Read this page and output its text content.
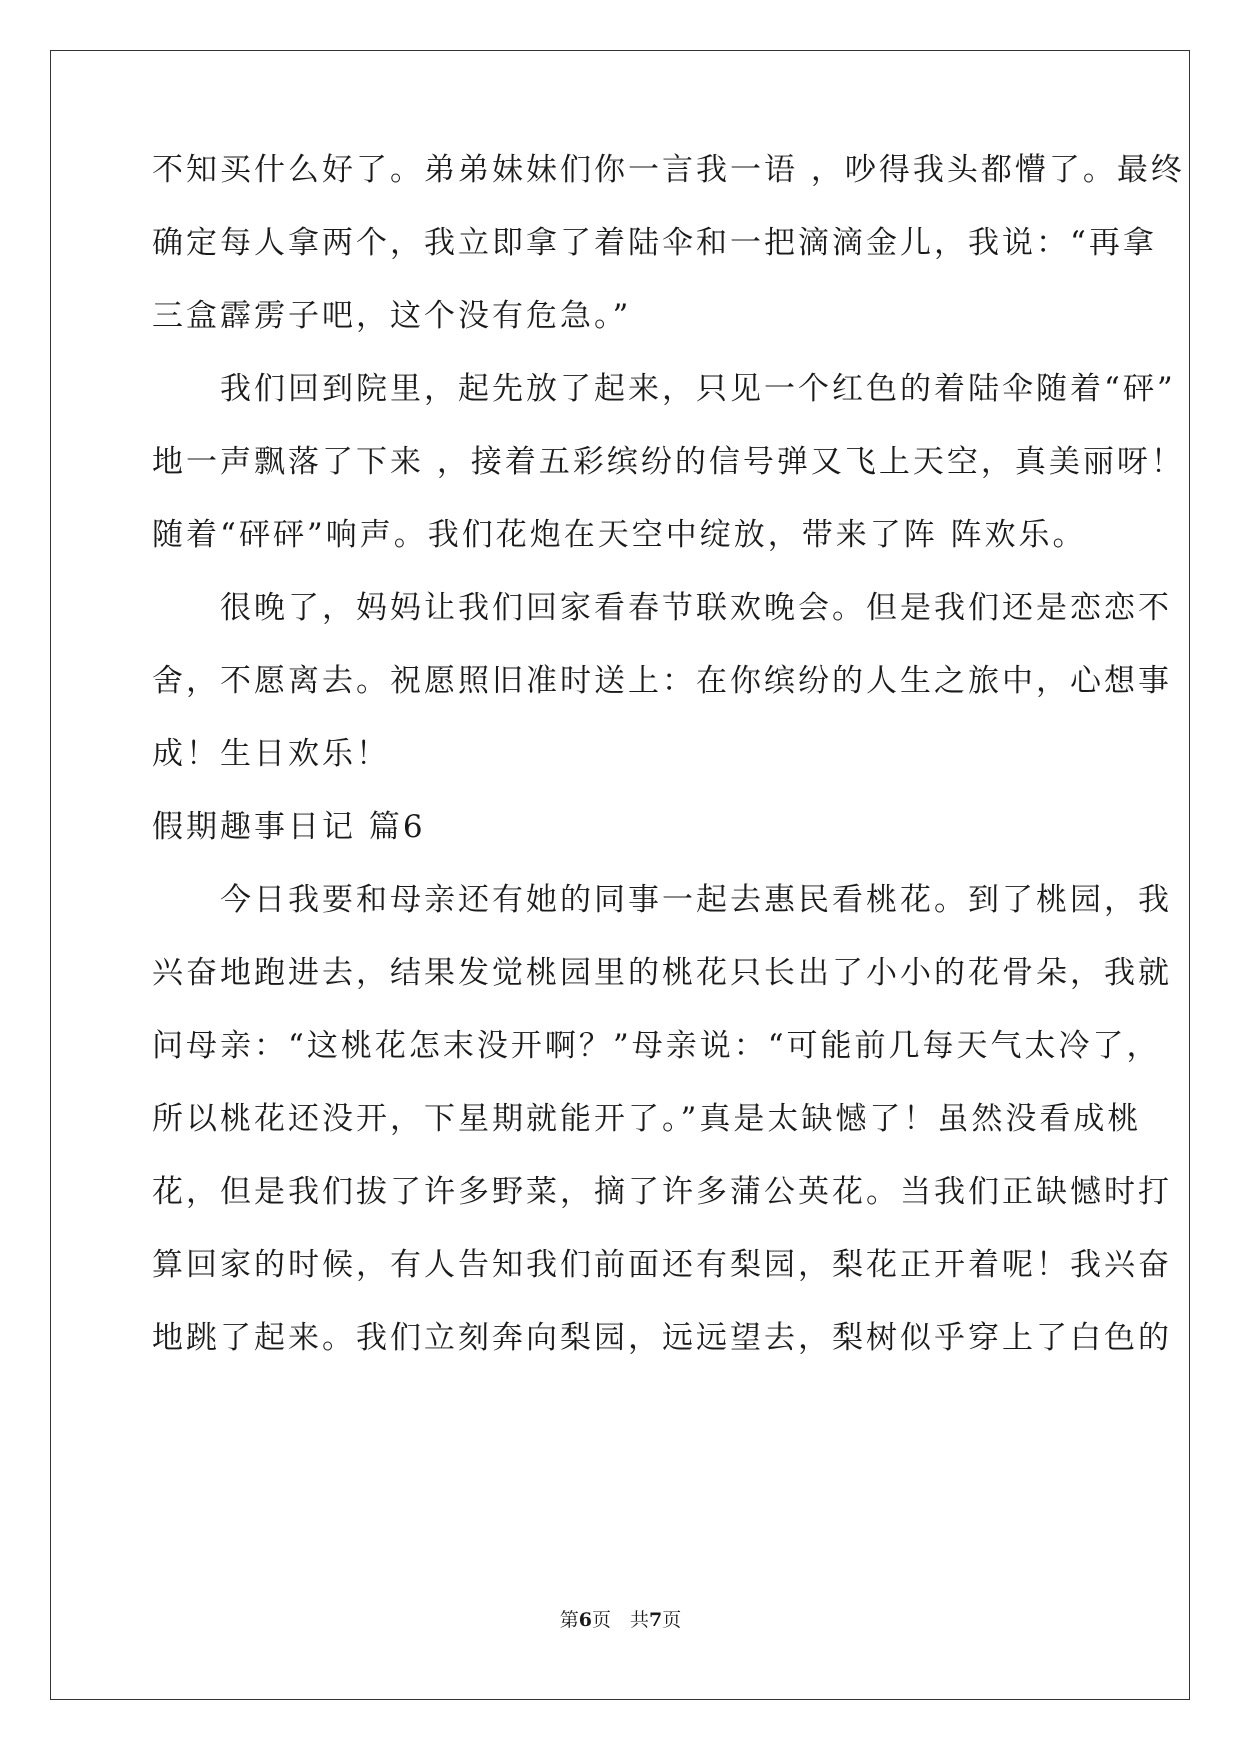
不知买什么好了。弟弟妹妹们你一言我一语 ，吵得我头都懵了。最终
确定每人拿两个，我立即拿了着陆伞和一把滴滴金儿，我说：“再拿
三盒霹雳子吧，这个没有危急。”
　　我们回到院里，起先放了起来，只见一个红色的着陆伞随着“砰”
地一声飘落了下来 ，接着五彩缤纷的信号弹又飞上天空，真美丽呀！
随着“砰砰”响声。我们花炮在天空中绽放，带来了阵 阵欢乐。
　　很晚了，妈妈让我们回家看春节联欢晚会。但是我们还是恋恋不
舍，不愿离去。祝愿照旧准时送上：在你缤纷的人生之旅中，心想事
成！生日欢乐！
假期趣事日记 篇6
　　今日我要和母亲还有她的同事一起去惠民看桃花。到了桃园，我
兴奋地跑进去，结果发觉桃园里的桃花只长出了小小的花骨朵，我就
问母亲：“这桃花怎末没开啊？”母亲说：“可能前几每天气太冷了，
所以桃花还没开，下星期就能开了。”真是太缺憾了！虽然没看成桃
花，但是我们拔了许多野菜，摘了许多蒲公英花。当我们正缺憾时打
算回家的时候，有人告知我们前面还有梨园，梨花正开着呢！我兴奋
地跳了起来。我们立刻奔向梨园，远远望去，梨树似乎穿上了白色的
第6页　共7页
